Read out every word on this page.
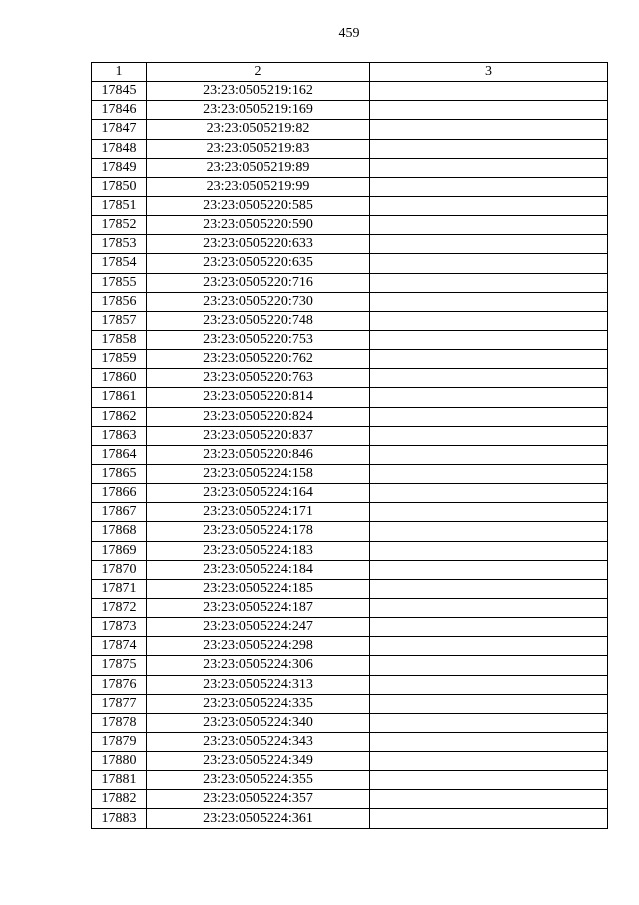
459
1	2	3
17845	23:23:0505219:162	
17846	23:23:0505219:169	
17847	23:23:0505219:82	
17848	23:23:0505219:83	
17849	23:23:0505219:89	
17850	23:23:0505219:99	
17851	23:23:0505220:585	
17852	23:23:0505220:590	
17853	23:23:0505220:633	
17854	23:23:0505220:635	
17855	23:23:0505220:716	
17856	23:23:0505220:730	
17857	23:23:0505220:748	
17858	23:23:0505220:753	
17859	23:23:0505220:762	
17860	23:23:0505220:763	
17861	23:23:0505220:814	
17862	23:23:0505220:824	
17863	23:23:0505220:837	
17864	23:23:0505220:846	
17865	23:23:0505224:158	
17866	23:23:0505224:164	
17867	23:23:0505224:171	
17868	23:23:0505224:178	
17869	23:23:0505224:183	
17870	23:23:0505224:184	
17871	23:23:0505224:185	
17872	23:23:0505224:187	
17873	23:23:0505224:247	
17874	23:23:0505224:298	
17875	23:23:0505224:306	
17876	23:23:0505224:313	
17877	23:23:0505224:335	
17878	23:23:0505224:340	
17879	23:23:0505224:343	
17880	23:23:0505224:349	
17881	23:23:0505224:355	
17882	23:23:0505224:357	
17883	23:23:0505224:361	
